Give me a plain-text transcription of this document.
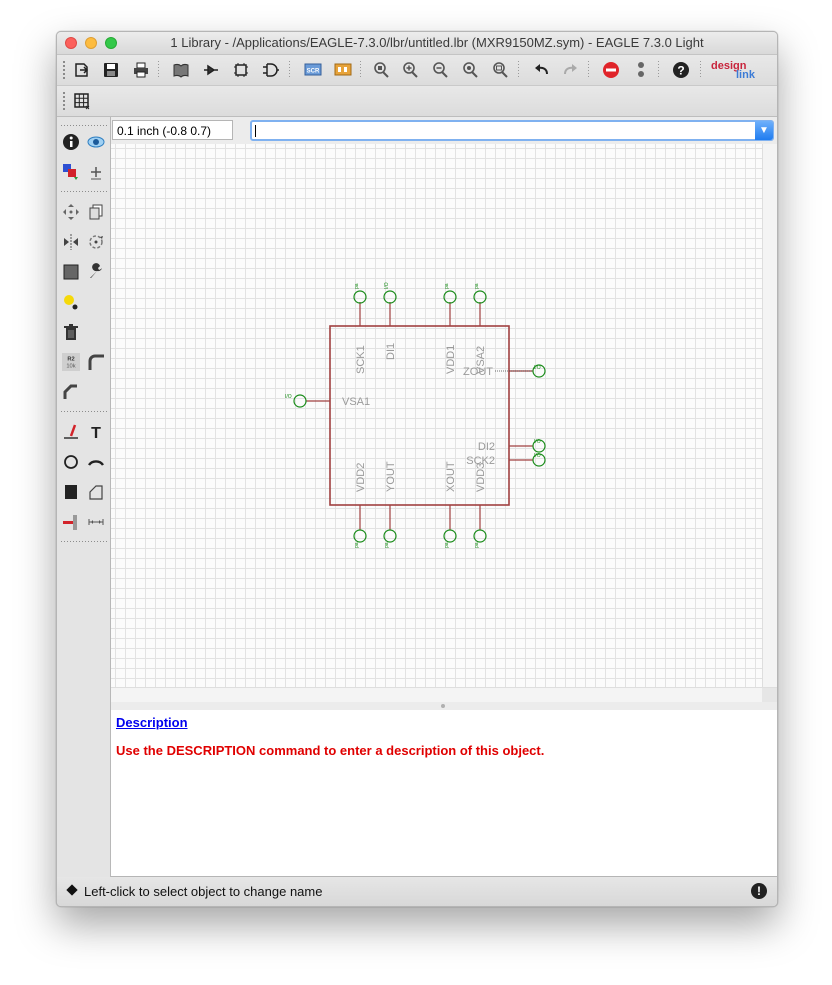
1 Library - /Applications/EAGLE-7.3.0/lbr/untitled.lbr (MXR9150MZ.sym) - EAGLE 7.3.0 Light
SCR	? design
link
R2
10k
T
0.1 inch (-0.8 0.7)	▼
pa
SCK1
I/O
DI1
pa
VDD1
pa
VSA2
pa
VDD2
pa
YOUT
pa
XOUT
pa
VDD3
I/O	VSA1
I/O
ZOUT
I/O
DI2
I/O
SCK2
Description
Use the DESCRIPTION command to enter a description of this object.
Left-click to select object to change name	!
